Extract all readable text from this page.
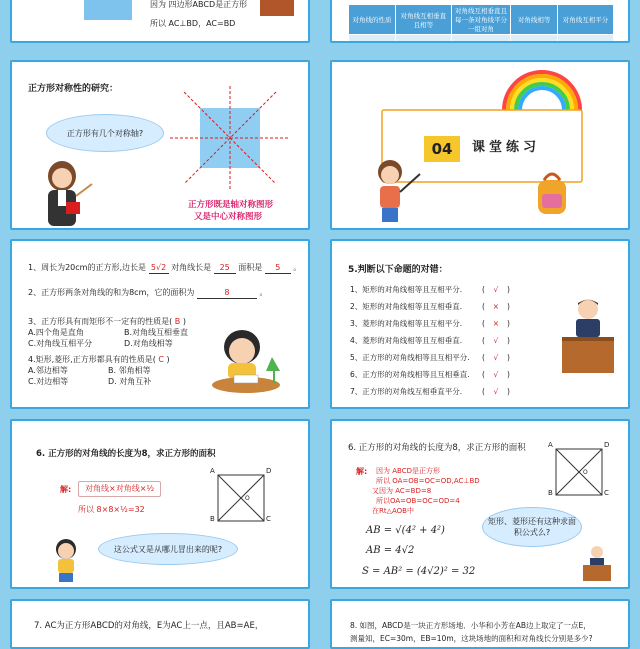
因为 四边形ABCD是正方形
所以 AC⊥BD，AC=BD	对角线的性质	对角线互相垂直且相等	对角线互相垂直且每一条对角线平分一组对角	对角线相等	对角线互相平分

正方形对称性的研究：
正方形有几个对称轴?
正方形既是轴对称图形
又是中心对称图形
04	课堂练习
1、周长为20cm的正方形,边长是 5√2 对角线长是 25 面积是 5 。
2、正方形两条对角线的和为8cm，它的面积为	8	。
3、正方形具有而矩形不一定有的性质是( B )
A.四个角是直角	B.对角线互相垂直
C.对角线互相平分	D.对角线相等
4.矩形,菱形,正方形都具有的性质是( C )
A.邻边相等	B. 邻角相等
C.对边相等	D. 对角互补
5.判断以下命题的对错：
1、矩形的对角线相等且互相平分.	( √ )
2、矩形的对角线相等且互相垂直.	( × )
3、菱形的对角线相等且互相平分.	( × )
4、菱形的对角线相等且互相垂直.	( √ )
5、正方形的对角线相等且互相平分. ( √ )
6、正方形的对角线相等且互相垂直. ( √ )
7、正方形的对角线互相垂直平分.	( √ )
6. 正方形的对角线的长度为8，求正方形的面积
解:	对角线×对角线×½
所以 8×8×½=32
这公式又是从哪儿冒出来的呢?
A	D
B	C
O
6. 正方形的对角线的长度为8，求正方形的面积
解: 因为 ABCD是正方形
所以 OA=OB=OC=OD,AC⊥BD
又因为 AC=BD=8
所以OA=OB=OC=OD=4
在Rt△AOB中
AB = √(4² + 4²)
AB = 4√2
S = AB² = (4√2)² = 32
A	D
B	C
O
矩形、菱形还有这种求面积公式么?
7. AC为正方形ABCD的对角线，E为AC上一点，且AB=AE，	8. 如图，ABCD是一块正方形场地．小华和小芳在AB边上取定了一点E，
测量知，EC=30m，EB=10m，这块场地的面积和对角线长分别是多少?
